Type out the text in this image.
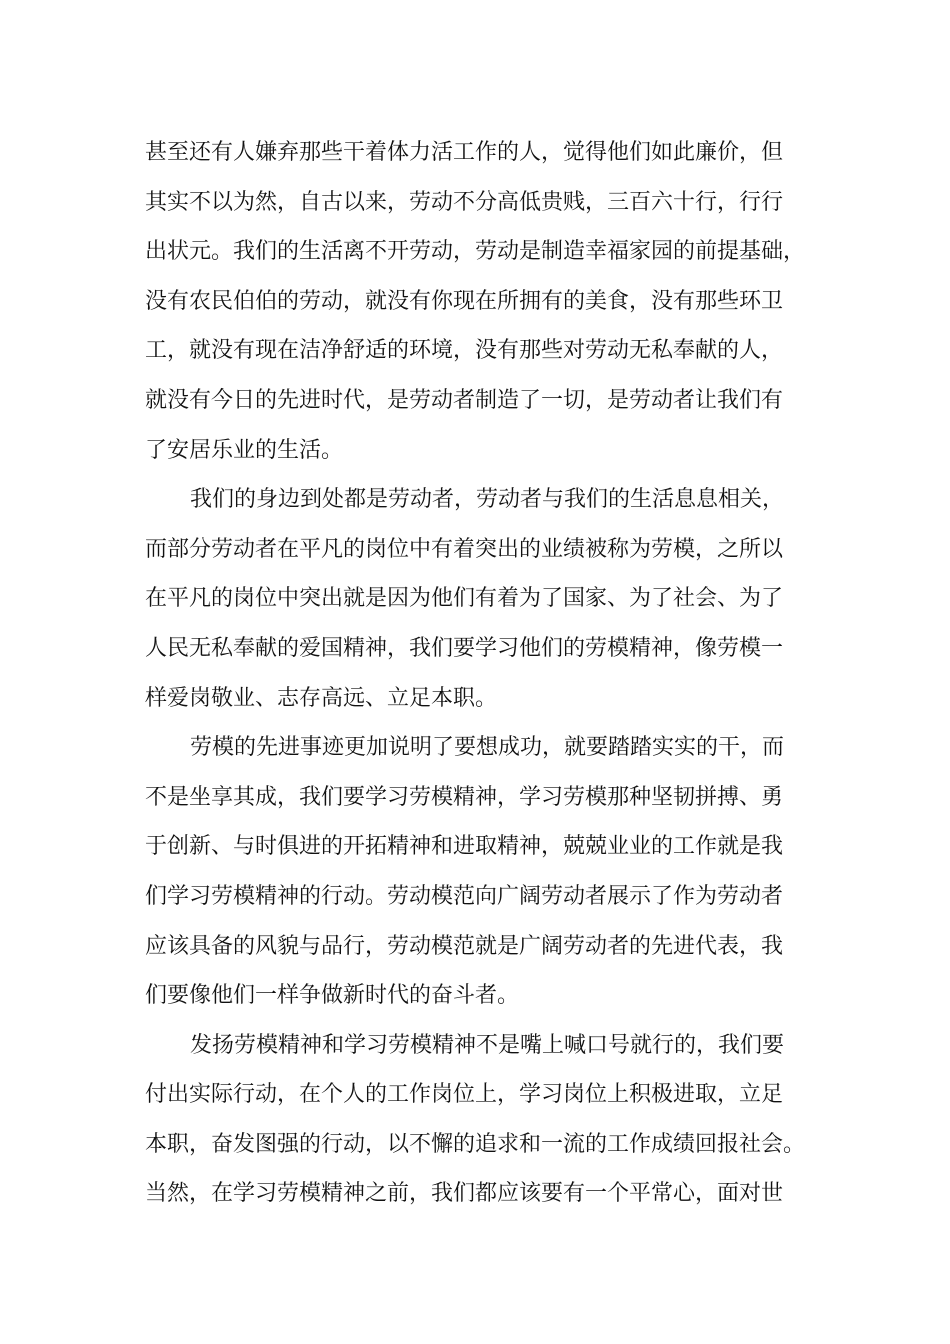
甚至还有人嫌弃那些干着体力活工作的人，觉得他们如此廉价，但
其实不以为然，自古以来，劳动不分高低贵贱，三百六十行，行行
出状元。我们的生活离不开劳动，劳动是制造幸福家园的前提基础，
没有农民伯伯的劳动，就没有你现在所拥有的美食，没有那些环卫
工，就没有现在洁净舒适的环境，没有那些对劳动无私奉献的人，
就没有今日的先进时代，是劳动者制造了一切，是劳动者让我们有
了安居乐业的生活。
我们的身边到处都是劳动者，劳动者与我们的生活息息相关，
而部分劳动者在平凡的岗位中有着突出的业绩被称为劳模，之所以
在平凡的岗位中突出就是因为他们有着为了国家、为了社会、为了
人民无私奉献的爱国精神，我们要学习他们的劳模精神，像劳模一
样爱岗敬业、志存高远、立足本职。
劳模的先进事迹更加说明了要想成功，就要踏踏实实的干，而
不是坐享其成，我们要学习劳模精神，学习劳模那种坚韧拼搏、勇
于创新、与时俱进的开拓精神和进取精神，兢兢业业的工作就是我
们学习劳模精神的行动。劳动模范向广阔劳动者展示了作为劳动者
应该具备的风貌与品行，劳动模范就是广阔劳动者的先进代表，我
们要像他们一样争做新时代的奋斗者。
发扬劳模精神和学习劳模精神不是嘴上喊口号就行的，我们要
付出实际行动，在个人的工作岗位上，学习岗位上积极进取，立足
本职，奋发图强的行动，以不懈的追求和一流的工作成绩回报社会。
当然，在学习劳模精神之前，我们都应该要有一个平常心，面对世
